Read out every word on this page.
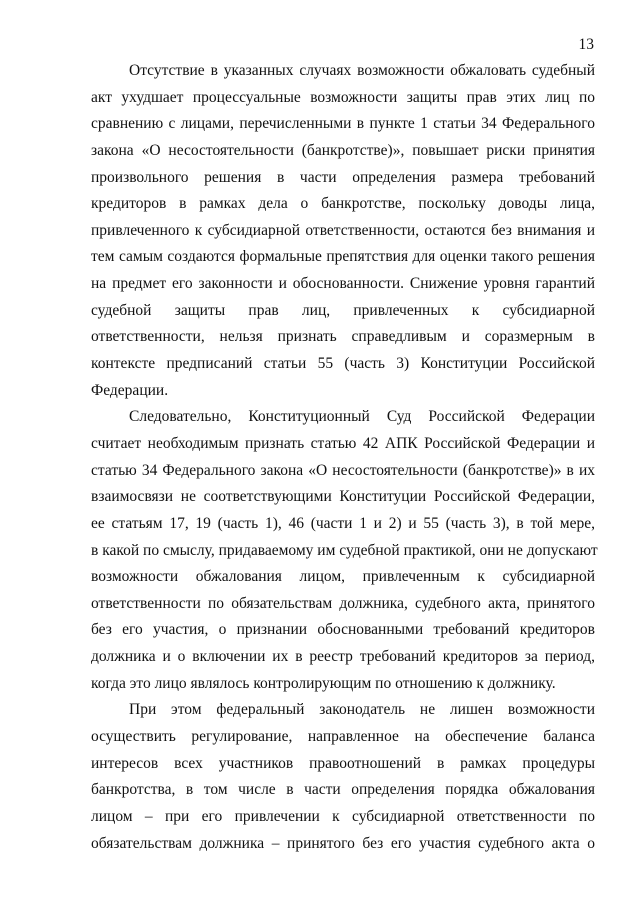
13

Отсутствие в указанных случаях возможности обжаловать судебный
акт ухудшает процессуальные возможности защиты прав этих лиц по
сравнению с лицами, перечисленными в пункте 1 статьи 34 Федерального
закона «О несостоятельности (банкротстве)», повышает риски принятия
произвольного решения в части определения размера требований
кредиторов в рамках дела о банкротстве, поскольку доводы лица,
привлеченного к субсидиарной ответственности, остаются без внимания и
тем самым создаются формальные препятствия для оценки такого решения
на предмет его законности и обоснованности. Снижение уровня гарантий
судебной защиты прав лиц, привлеченных к субсидиарной
ответственности, нельзя признать справедливым и соразмерным в
контексте предписаний статьи 55 (часть 3) Конституции Российской
Федерации.

Следовательно, Конституционный Суд Российской Федерации
считает необходимым признать статью 42 АПК Российской Федерации и
статью 34 Федерального закона «О несостоятельности (банкротстве)» в их
взаимосвязи не соответствующими Конституции Российской Федерации,
ее статьям 17, 19 (часть 1), 46 (части 1 и 2) и 55 (часть 3), в той мере,
в какой по смыслу, придаваемому им судебной практикой, они не допускают
возможности обжалования лицом, привлеченным к субсидиарной
ответственности по обязательствам должника, судебного акта, принятого
без его участия, о признании обоснованными требований кредиторов
должника и о включении их в реестр требований кредиторов за период,
когда это лицо являлось контролирующим по отношению к должнику.

При этом федеральный законодатель не лишен возможности
осуществить регулирование, направленное на обеспечение баланса
интересов всех участников правоотношений в рамках процедуры
банкротства, в том числе в части определения порядка обжалования
лицом – при его привлечении к субсидиарной ответственности по
обязательствам должника – принятого без его участия судебного акта о
